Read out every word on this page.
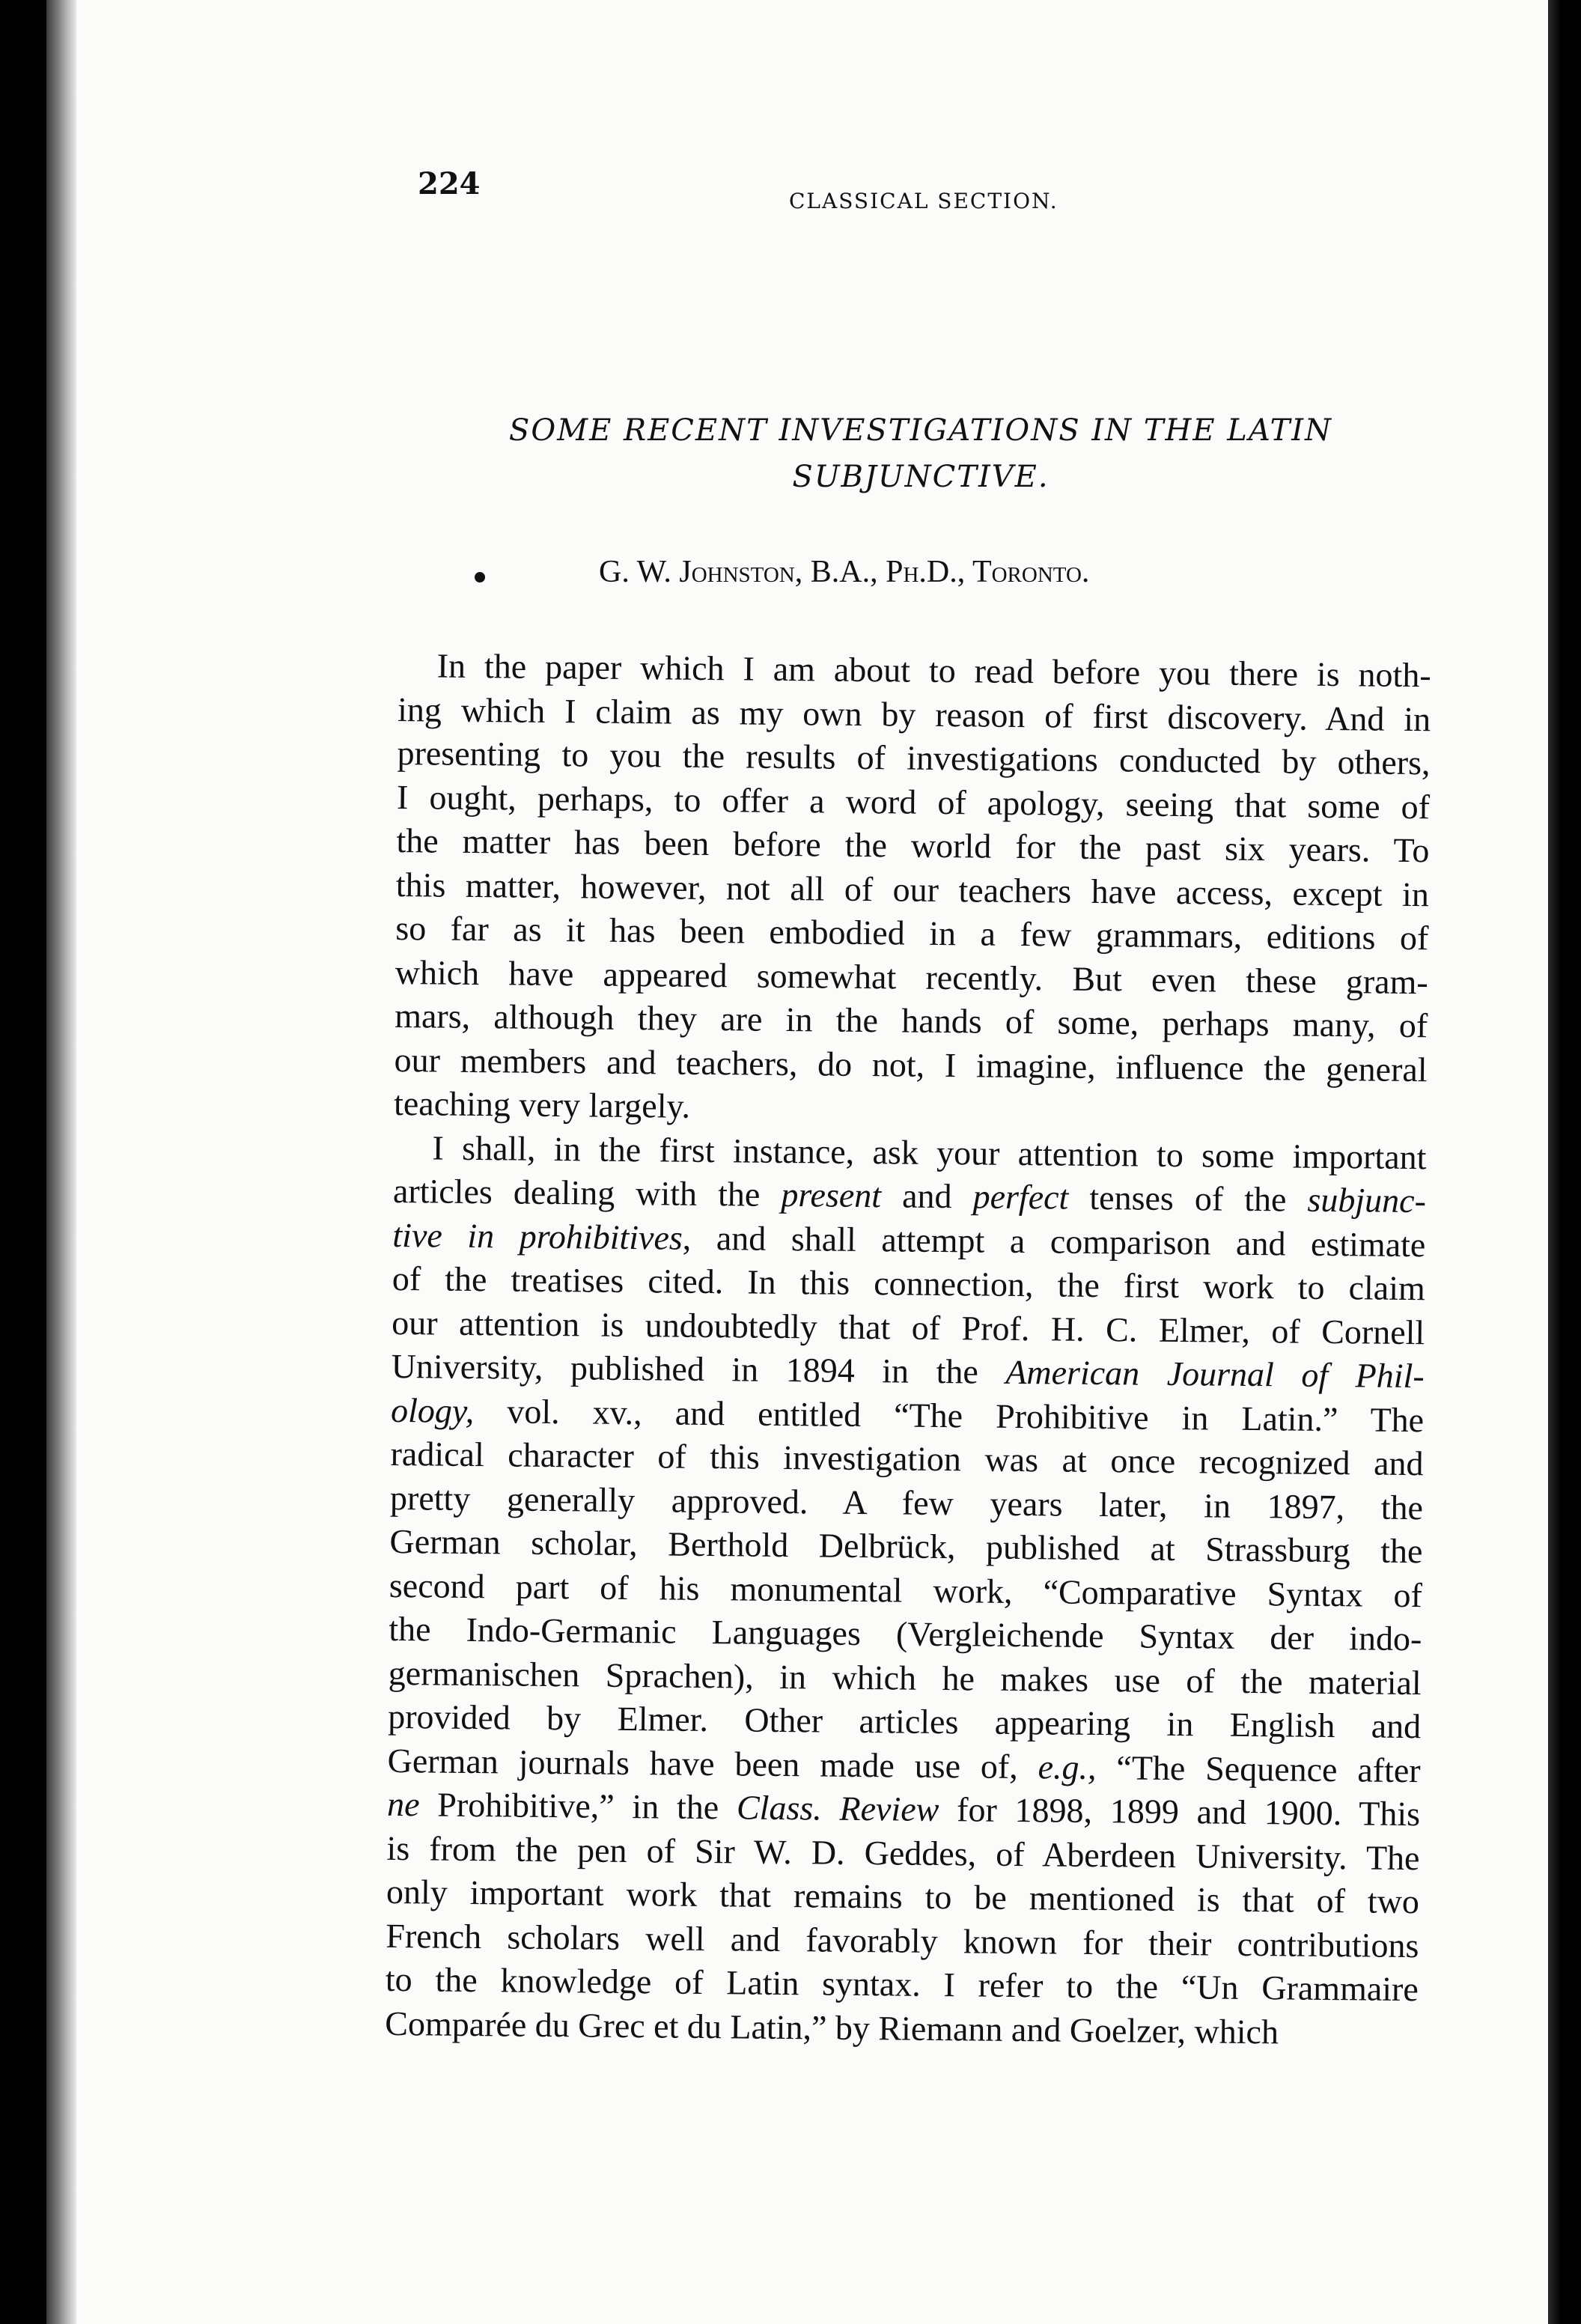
224	CLASSICAL SECTION.
SOME RECENT INVESTIGATIONS IN THE LATIN
SUBJUNCTIVE.
G. W. Johnston, B.A., Ph.D., Toronto.
In the paper which I am about to read before you there is noth-
ing which I claim as my own by reason of first discovery. And in
presenting to you the results of investigations conducted by others,
I ought, perhaps, to offer a word of apology, seeing that some of
the matter has been before the world for the past six years. To
this matter, however, not all of our teachers have access, except in
so far as it has been embodied in a few grammars, editions of
which have appeared somewhat recently. But even these gram-
mars, although they are in the hands of some, perhaps many, of
our members and teachers, do not, I imagine, influence the general
teaching very largely.
I shall, in the first instance, ask your attention to some important
articles dealing with the present and perfect tenses of the subjunc-
tive in prohibitives, and shall attempt a comparison and estimate
of the treatises cited. In this connection, the first work to claim
our attention is undoubtedly that of Prof. H. C. Elmer, of Cornell
University, published in 1894 in the American Journal of Phil-
ology, vol. xv., and entitled “The Prohibitive in Latin.” The
radical character of this investigation was at once recognized and
pretty generally approved. A few years later, in 1897, the
German scholar, Berthold Delbrück, published at Strassburg the
second part of his monumental work, “Comparative Syntax of
the Indo-Germanic Languages (Vergleichende Syntax der indo-
germanischen Sprachen), in which he makes use of the material
provided by Elmer. Other articles appearing in English and
German journals have been made use of, e.g., “The Sequence after
ne Prohibitive,” in the Class. Review for 1898, 1899 and 1900. This
is from the pen of Sir W. D. Geddes, of Aberdeen University. The
only important work that remains to be mentioned is that of two
French scholars well and favorably known for their contributions
to the knowledge of Latin syntax. I refer to the “Un Grammaire
Comparée du Grec et du Latin,” by Riemann and Goelzer, which
